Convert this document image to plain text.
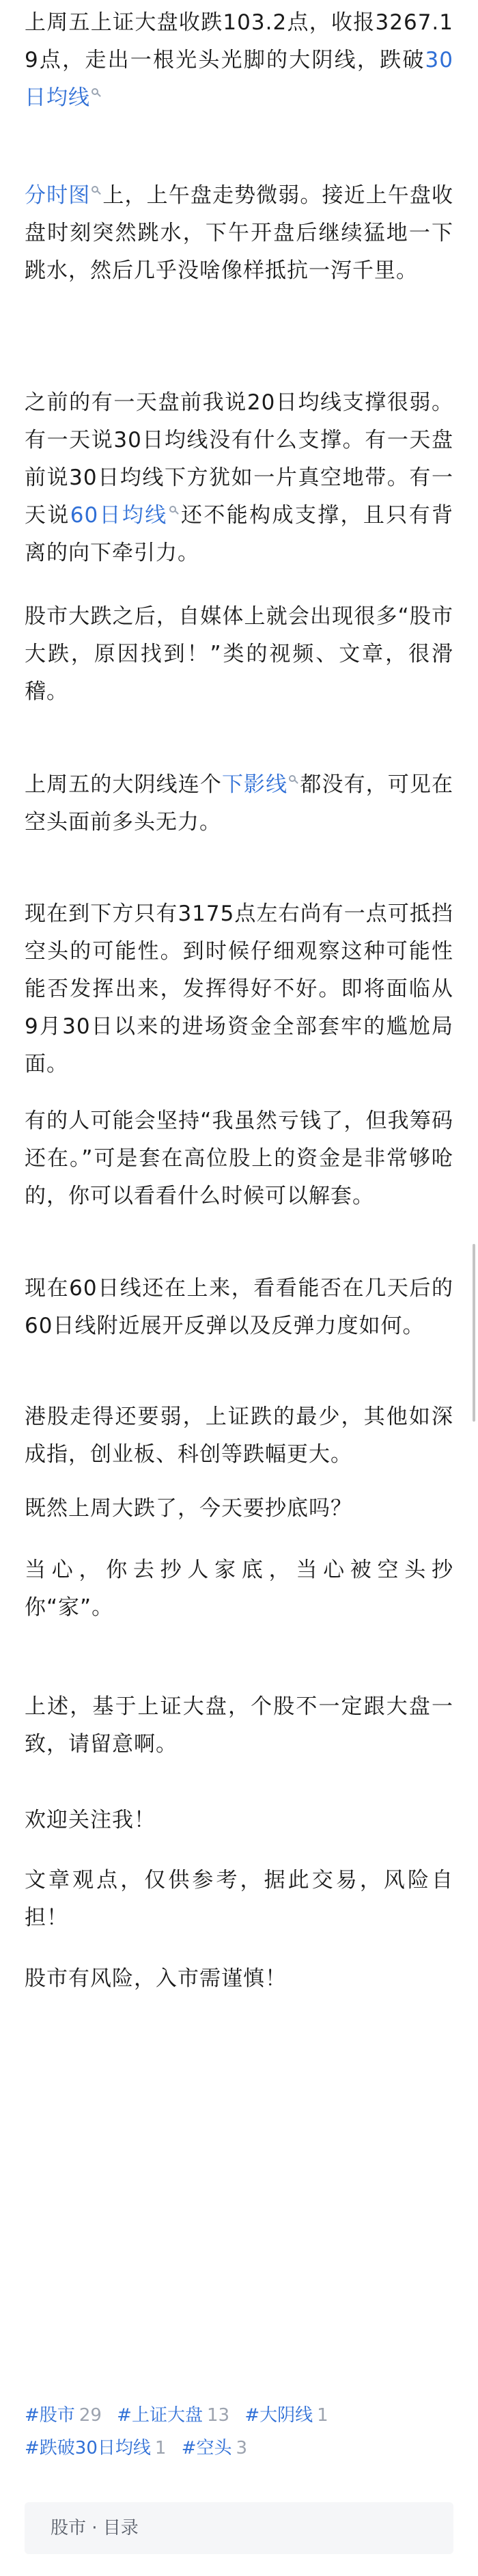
上周五上证大盘收跌103.2点，收报3267.19点，走出一根光头光脚的大阴线，跌破30日均线

分时图 上，上午盘走势微弱。接近上午盘收盘时刻突然跳水，下午开盘后继续猛地一下跳水，然后几乎没啥像样抵抗一泻千里。

之前的有一天盘前我说20日均线支撑很弱。有一天说30日均线没有什么支撑。有一天盘前说30日均线下方犹如一片真空地带。有一天说60日均线 还不能构成支撑，且只有背离的向下牵引力。

股市大跌之后，自媒体上就会出现很多“股市大跌，原因找到！”类的视频、文章，很滑稽。

上周五的大阴线连个下影线 都没有，可见在空头面前多头无力。

现在到下方只有3175点左右尚有一点可抵挡空头的可能性。到时候仔细观察这种可能性能否发挥出来，发挥得好不好。即将面临从9月30日以来的进场资金全部套牢的尴尬局面。

有的人可能会坚持“我虽然亏钱了，但我筹码还在。”可是套在高位股上的资金是非常够呛的，你可以看看什么时候可以解套。

现在60日线还在上来，看看能否在几天后的60日线附近展开反弹以及反弹力度如何。

港股走得还要弱，上证跌的最少，其他如深成指，创业板、科创等跌幅更大。

既然上周大跌了，今天要抄底吗？

当心，你去抄人家底，当心被空头抄你“家”。

上述，基于上证大盘，个股不一定跟大盘一致，请留意啊。

欢迎关注我！

文章观点，仅供参考，据此交易，风险自担！

股市有风险，入市需谨慎！

#股市 29 #上证大盘 13 #大阴线 1
#跌破30日均线 1 #空头 3
股市 · 目录
